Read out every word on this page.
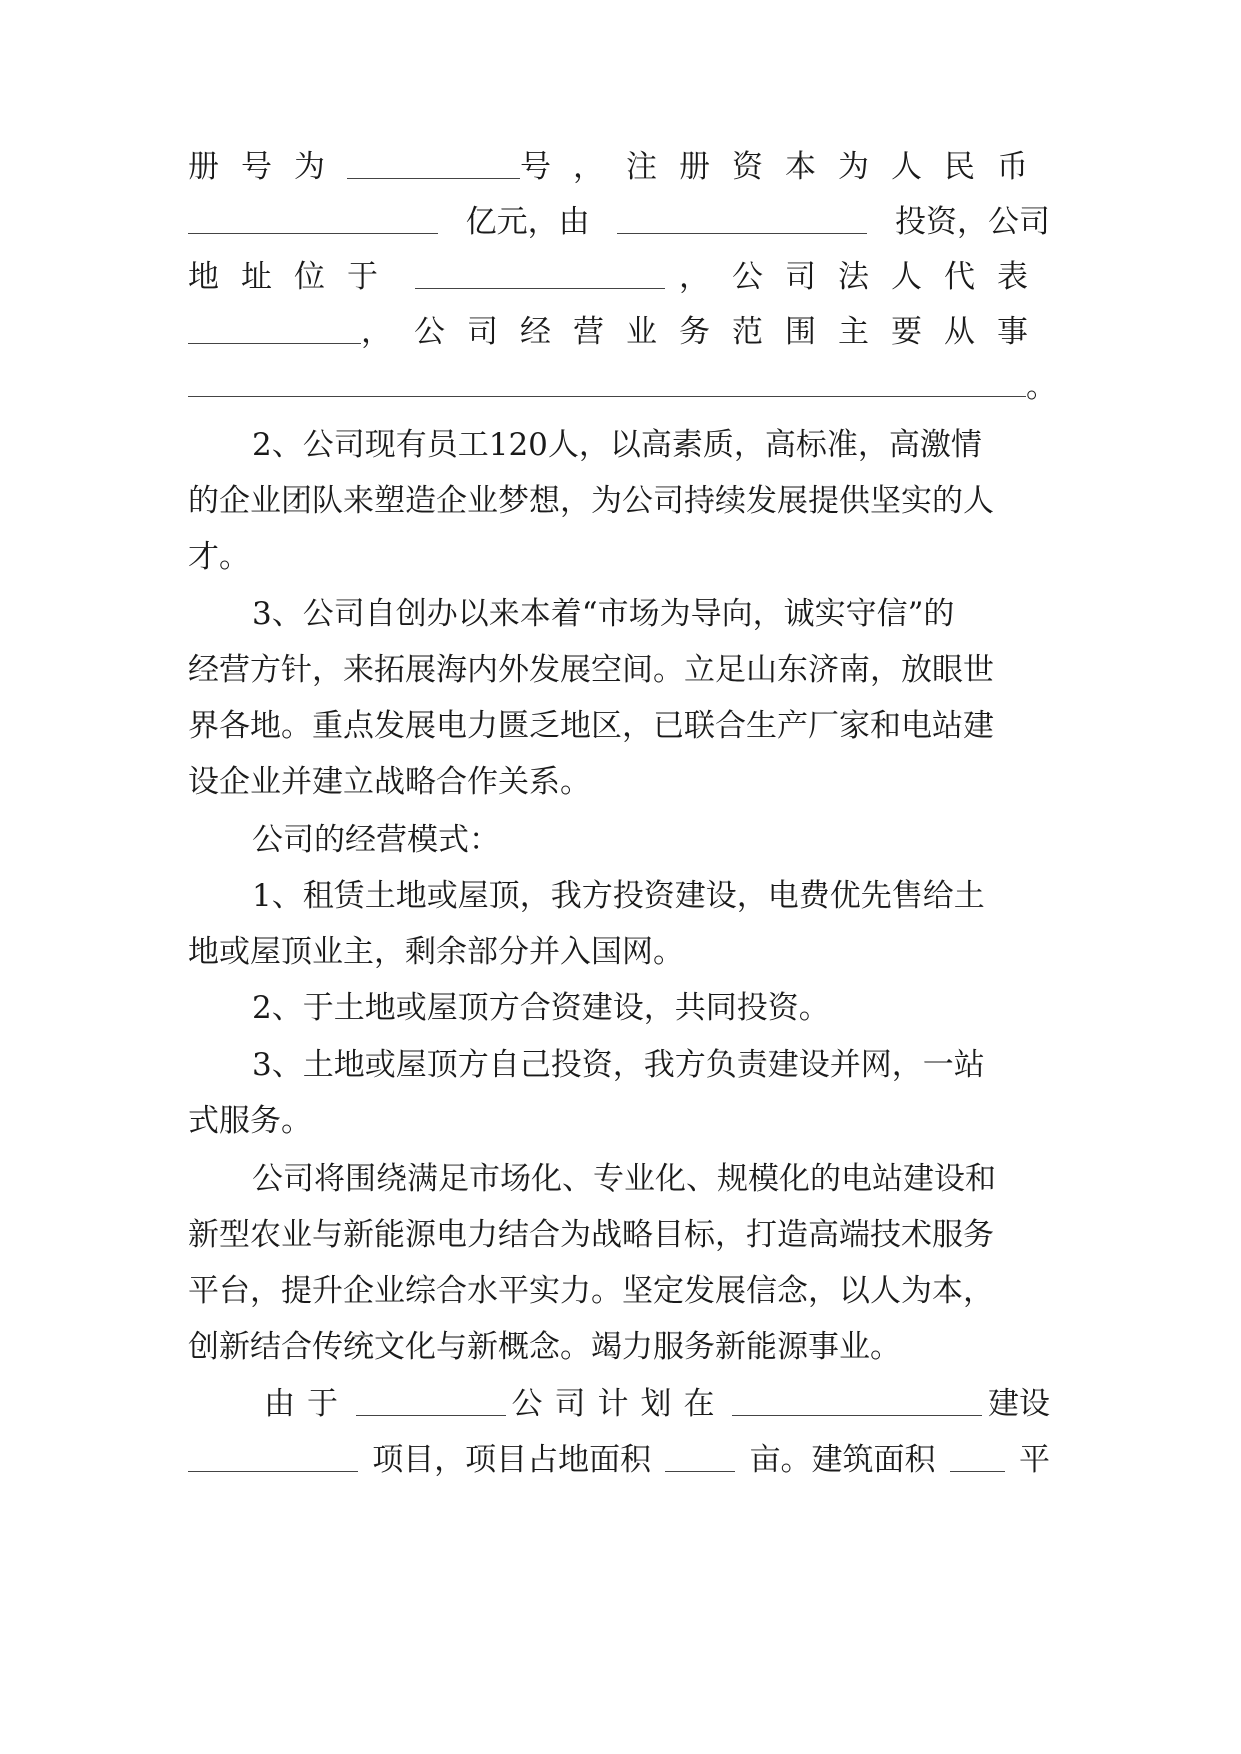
册号为	号，注册资本为人民币
亿元，由	投资，公司
地址位于	，公司法人代表
，公司经营业务范围主要从事
。
2、公司现有员工120人，以高素质，高标准，高激情
的企业团队来塑造企业梦想，为公司持续发展提供坚实的人
才。
3、公司自创办以来本着“市场为导向，诚实守信”的
经营方针，来拓展海内外发展空间。立足山东济南，放眼世
界各地。重点发展电力匮乏地区，已联合生产厂家和电站建
设企业并建立战略合作关系。
公司的经营模式：
1、租赁土地或屋顶，我方投资建设，电费优先售给土
地或屋顶业主，剩余部分并入国网。
2、于土地或屋顶方合资建设，共同投资。
3、土地或屋顶方自己投资，我方负责建设并网，一站
式服务。
公司将围绕满足市场化、专业化、规模化的电站建设和
新型农业与新能源电力结合为战略目标，打造高端技术服务
平台，提升企业综合水平实力。坚定发展信念，以人为本，
创新结合传统文化与新概念。竭力服务新能源事业。
由于	公司计划在	建设
项目，项目占地面积	亩。建筑面积	平
